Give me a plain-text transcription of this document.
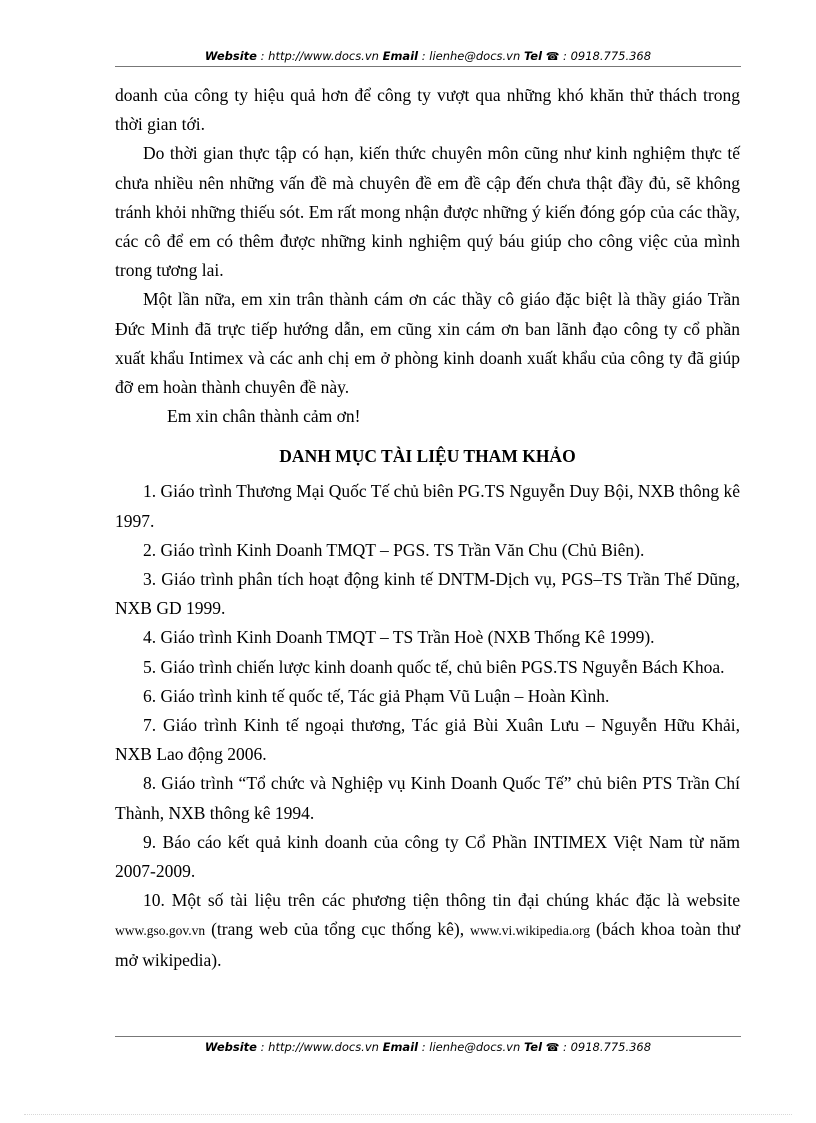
Website : http://www.docs.vn Email : lienhe@docs.vn Tel ☎ : 0918.775.368

doanh của công ty hiệu quả hơn để công ty vượt qua những khó khăn thử thách trong thời gian tới.

Do thời gian thực tập có hạn, kiến thức chuyên môn cũng như kinh nghiệm thực tế chưa nhiều nên những vấn đề mà chuyên đề em đề cập đến chưa thật đầy đủ, sẽ không tránh khỏi những thiếu sót. Em rất mong nhận được những ý kiến đóng góp của các thầy, các cô để em có thêm được những kinh nghiệm quý báu giúp cho công việc của mình trong tương lai.

Một lần nữa, em xin trân thành cám ơn các thầy cô giáo đặc biệt là thầy giáo Trần Đức Minh đã trực tiếp hướng dẫn, em cũng xin cám ơn ban lãnh đạo công ty cổ phần xuất khẩu Intimex và các anh chị em ở phòng kinh doanh xuất khẩu của công ty đã giúp đỡ em hoàn thành chuyên đề này.

Em xin chân thành cảm ơn!

DANH MỤC TÀI LIỆU THAM KHẢO
1. Giáo trình Thương Mại Quốc Tế chủ biên PG.TS Nguyễn Duy Bội, NXB thông kê 1997.
2. Giáo trình Kinh Doanh TMQT – PGS. TS Trần Văn Chu (Chủ Biên).
3. Giáo trình phân tích hoạt động kinh tế DNTM-Dịch vụ, PGS–TS Trần Thế Dũng, NXB GD 1999.
4. Giáo trình Kinh Doanh TMQT – TS Trần Hoè (NXB Thống Kê 1999).
5. Giáo trình chiến lược kinh doanh quốc tế, chủ biên PGS.TS Nguyễn Bách Khoa.
6. Giáo trình kinh tế quốc tế, Tác giả Phạm Vũ Luận – Hoàn Kình.
7. Giáo trình Kinh tế ngoại thương, Tác giả Bùi Xuân Lưu – Nguyễn Hữu Khải, NXB Lao động 2006.
8. Giáo trình “Tổ chức và Nghiệp vụ Kinh Doanh Quốc Tế” chủ biên PTS Trần Chí Thành, NXB thông kê 1994.
9. Báo cáo kết quả kinh doanh của công ty Cổ Phần INTIMEX Việt Nam từ năm 2007-2009.
10. Một số tài liệu trên các phương tiện thông tin đại chúng khác đặc là website www.gso.gov.vn (trang web của tổng cục thống kê), www.vi.wikipedia.org (bách khoa toàn thư mở wikipedia).
Website : http://www.docs.vn Email : lienhe@docs.vn Tel ☎ : 0918.775.368
